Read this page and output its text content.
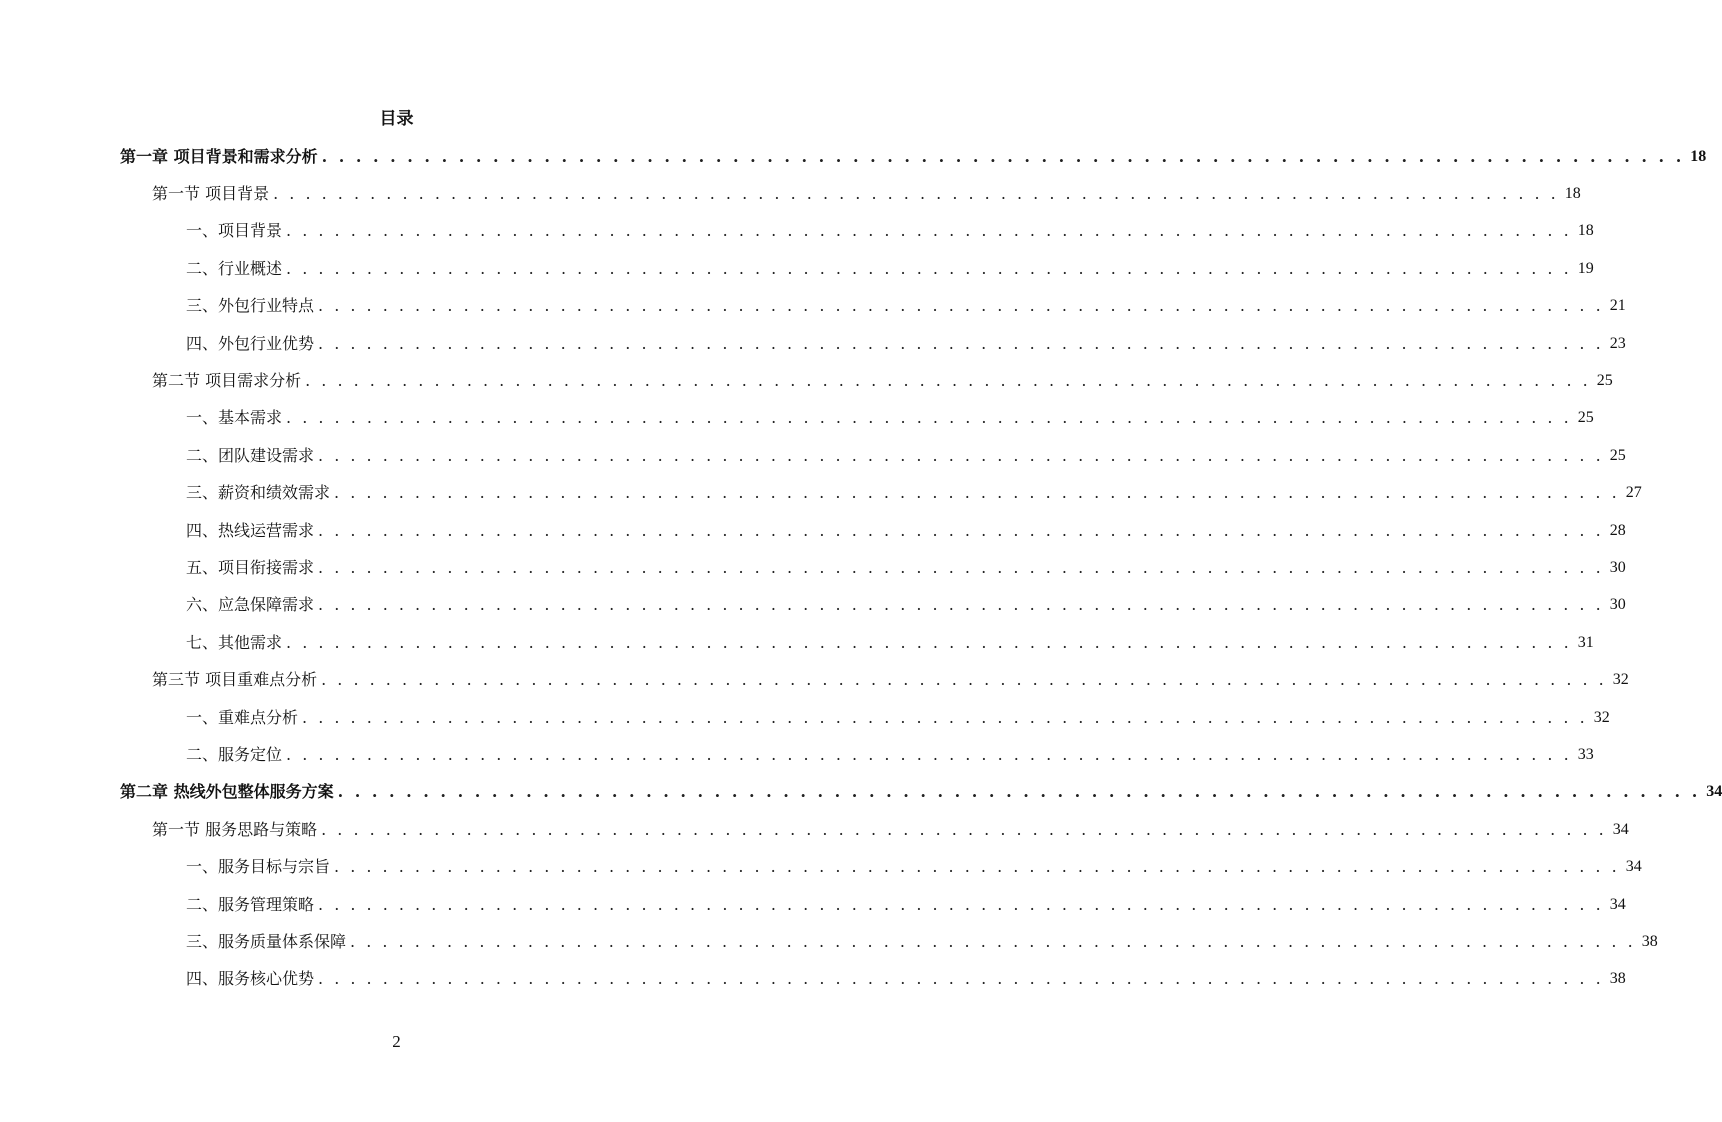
目录
第一章 项目背景和需求分析 . . . . . . . . . . . . . . . . . . . . . . . . . . . . . . . . . . . . . . . . . . . . . . . . . . . . . . . . . . . . . . . . . . . . . . . . . . . . . . . . 18
第一节 项目背景 . . . . . . . . . . . . . . . . . . . . . . . . . . . . . . . . . . . . . . . . . . . . . . . . . . . . . . . . . . . . . . . . . . . . . . . . . . . . . . . . 18
一、项目背景 . . . . . . . . . . . . . . . . . . . . . . . . . . . . . . . . . . . . . . . . . . . . . . . . . . . . . . . . . . . . . . . . . . . . . . . . . . . . . . . . 18
二、行业概述 . . . . . . . . . . . . . . . . . . . . . . . . . . . . . . . . . . . . . . . . . . . . . . . . . . . . . . . . . . . . . . . . . . . . . . . . . . . . . . . . 19
三、外包行业特点 . . . . . . . . . . . . . . . . . . . . . . . . . . . . . . . . . . . . . . . . . . . . . . . . . . . . . . . . . . . . . . . . . . . . . . . . . . . . . . . . 21
四、外包行业优势 . . . . . . . . . . . . . . . . . . . . . . . . . . . . . . . . . . . . . . . . . . . . . . . . . . . . . . . . . . . . . . . . . . . . . . . . . . . . . . . . 23
第二节 项目需求分析 . . . . . . . . . . . . . . . . . . . . . . . . . . . . . . . . . . . . . . . . . . . . . . . . . . . . . . . . . . . . . . . . . . . . . . . . . . . . . . . . 25
一、基本需求 . . . . . . . . . . . . . . . . . . . . . . . . . . . . . . . . . . . . . . . . . . . . . . . . . . . . . . . . . . . . . . . . . . . . . . . . . . . . . . . . 25
二、团队建设需求 . . . . . . . . . . . . . . . . . . . . . . . . . . . . . . . . . . . . . . . . . . . . . . . . . . . . . . . . . . . . . . . . . . . . . . . . . . . . . . . . 25
三、薪资和绩效需求 . . . . . . . . . . . . . . . . . . . . . . . . . . . . . . . . . . . . . . . . . . . . . . . . . . . . . . . . . . . . . . . . . . . . . . . . . . . . . . . . 27
四、热线运营需求 . . . . . . . . . . . . . . . . . . . . . . . . . . . . . . . . . . . . . . . . . . . . . . . . . . . . . . . . . . . . . . . . . . . . . . . . . . . . . . . . 28
五、项目衔接需求 . . . . . . . . . . . . . . . . . . . . . . . . . . . . . . . . . . . . . . . . . . . . . . . . . . . . . . . . . . . . . . . . . . . . . . . . . . . . . . . . 30
六、应急保障需求 . . . . . . . . . . . . . . . . . . . . . . . . . . . . . . . . . . . . . . . . . . . . . . . . . . . . . . . . . . . . . . . . . . . . . . . . . . . . . . . . 30
七、其他需求 . . . . . . . . . . . . . . . . . . . . . . . . . . . . . . . . . . . . . . . . . . . . . . . . . . . . . . . . . . . . . . . . . . . . . . . . . . . . . . . . 31
第三节 项目重难点分析 . . . . . . . . . . . . . . . . . . . . . . . . . . . . . . . . . . . . . . . . . . . . . . . . . . . . . . . . . . . . . . . . . . . . . . . . . . . . . . . . 32
一、重难点分析 . . . . . . . . . . . . . . . . . . . . . . . . . . . . . . . . . . . . . . . . . . . . . . . . . . . . . . . . . . . . . . . . . . . . . . . . . . . . . . . . 32
二、服务定位 . . . . . . . . . . . . . . . . . . . . . . . . . . . . . . . . . . . . . . . . . . . . . . . . . . . . . . . . . . . . . . . . . . . . . . . . . . . . . . . . 33
第二章 热线外包整体服务方案 . . . . . . . . . . . . . . . . . . . . . . . . . . . . . . . . . . . . . . . . . . . . . . . . . . . . . . . . . . . . . . . . . . . . . . . . . . . . . . . . 34
第一节 服务思路与策略 . . . . . . . . . . . . . . . . . . . . . . . . . . . . . . . . . . . . . . . . . . . . . . . . . . . . . . . . . . . . . . . . . . . . . . . . . . . . . . . . 34
一、服务目标与宗旨 . . . . . . . . . . . . . . . . . . . . . . . . . . . . . . . . . . . . . . . . . . . . . . . . . . . . . . . . . . . . . . . . . . . . . . . . . . . . . . . . 34
二、服务管理策略 . . . . . . . . . . . . . . . . . . . . . . . . . . . . . . . . . . . . . . . . . . . . . . . . . . . . . . . . . . . . . . . . . . . . . . . . . . . . . . . . 34
三、服务质量体系保障 . . . . . . . . . . . . . . . . . . . . . . . . . . . . . . . . . . . . . . . . . . . . . . . . . . . . . . . . . . . . . . . . . . . . . . . . . . . . . . . . 38
四、服务核心优势 . . . . . . . . . . . . . . . . . . . . . . . . . . . . . . . . . . . . . . . . . . . . . . . . . . . . . . . . . . . . . . . . . . . . . . . . . . . . . . . . 38
2
